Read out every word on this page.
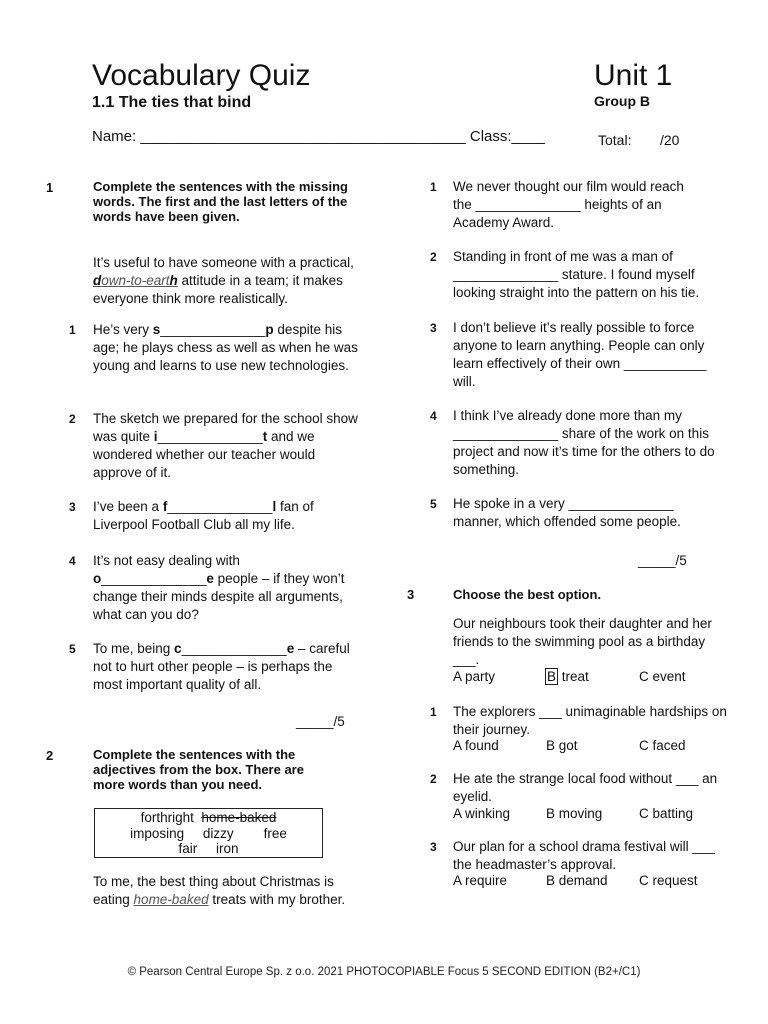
Vocabulary Quiz	Unit 1
1.1 The ties that bind	Group B
Name: _______________________________________ Class:____	Total: /20
1	Complete the sentences with the missing words. The first and the last letters of the words have been given.
It’s useful to have someone with a practical, down-to-earth attitude in a team; it makes everyone think more realistically.
1 He’s very s______________p despite his age; he plays chess as well as when he was young and learns to use new technologies.
2 The sketch we prepared for the school show was quite i______________t and we wondered whether our teacher would approve of it.
3 I’ve been a f______________l fan of Liverpool Football Club all my life.
4 It’s not easy dealing with o______________e people – if they won’t change their minds despite all arguments, what can you do?
5 To me, being c______________e – careful not to hurt other people – is perhaps the most important quality of all.
_____/5
2	Complete the sentences with the adjectives from the box. There are more words than you need.
forthright home-baked
imposing dizzy free
fair iron
To me, the best thing about Christmas is eating home-baked treats with my brother.
1 We never thought our film would reach the ______________ heights of an Academy Award.
2 Standing in front of me was a man of ______________ stature. I found myself looking straight into the pattern on his tie.
3 I don’t believe it’s really possible to force anyone to learn anything. People can only learn effectively of their own ___________ will.
4 I think I’ve already done more than my ______________ share of the work on this project and now it’s time for the others to do something.
5 He spoke in a very ______________ manner, which offended some people.
_____/5
3	Choose the best option.
Our neighbours took their daughter and her friends to the swimming pool as a birthday ___.
A party	B treat	C event
1 The explorers ___ unimaginable hardships on their journey.
A found	B got	C faced
2 He ate the strange local food without ___ an eyelid.
A winking	B moving	C batting
3 Our plan for a school drama festival will ___ the headmaster’s approval.
A require	B demand C request
© Pearson Central Europe Sp. z o.o. 2021 PHOTOCOPIABLE Focus 5 SECOND EDITION (B2+/C1)
